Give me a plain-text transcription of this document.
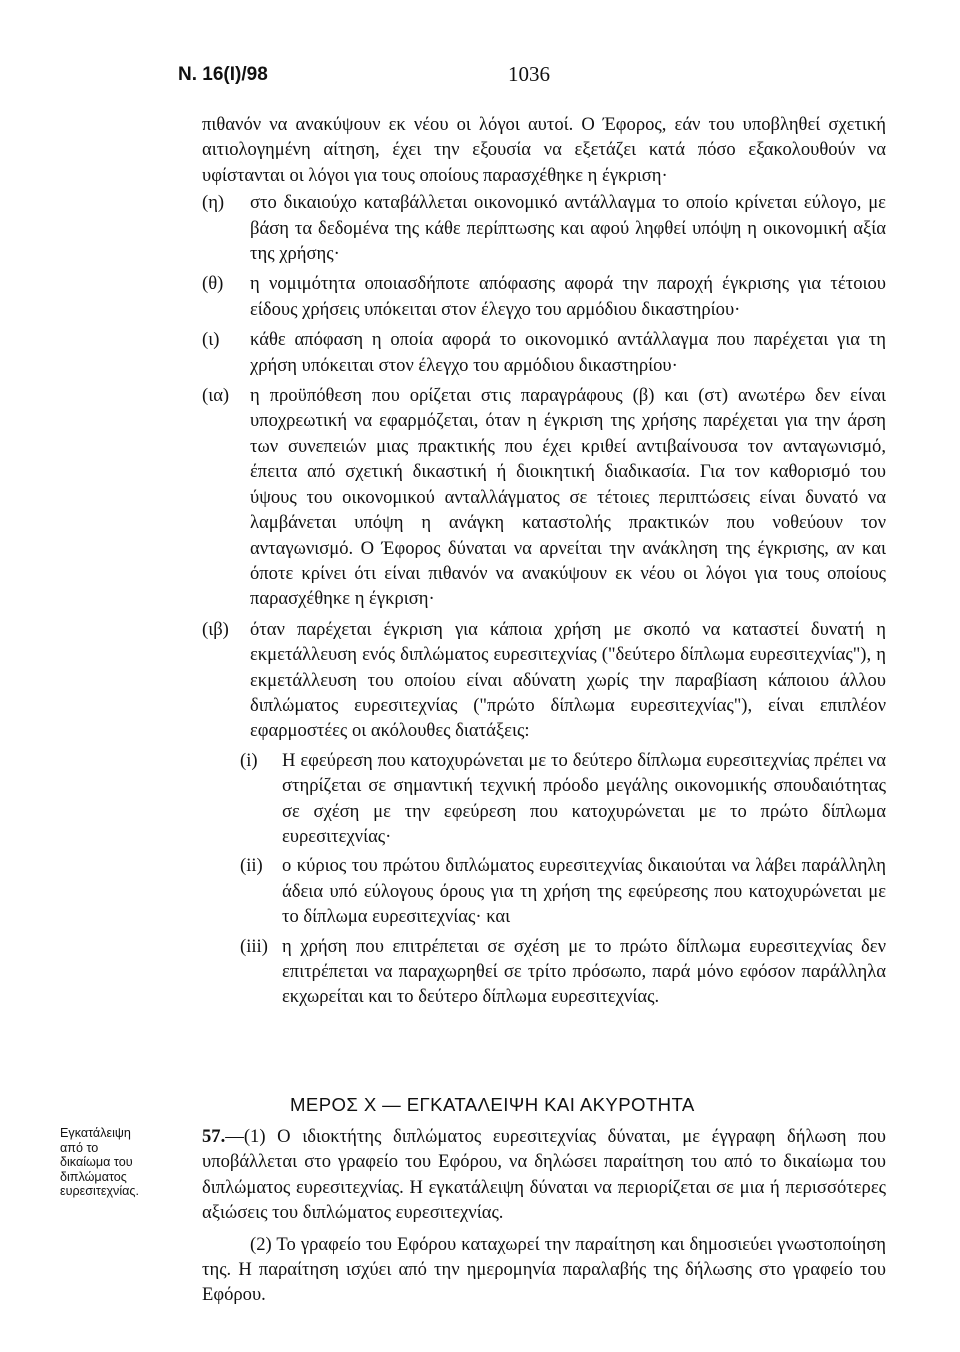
Ν. 16(Ι)/98	1036

πιθανόν να ανακύψουν εκ νέου οι λόγοι αυτοί. Ο Έφορος, εάν του υποβληθεί σχετική αιτιολογημένη αίτηση, έχει την εξουσία να εξετάζει κατά πόσο εξακολουθούν να υφίστανται οι λόγοι για τους οποίους παρασχέθηκε η έγκριση·

(η) στο δικαιούχο καταβάλλεται οικονομικό αντάλλαγμα το οποίο κρίνεται εύλογο, με βάση τα δεδομένα της κάθε περίπτωσης και αφού ληφθεί υπόψη η οικονομική αξία της χρήσης·
(θ) η νομιμότητα οποιασδήποτε απόφασης αφορά την παροχή έγκρισης για τέτοιου είδους χρήσεις υπόκειται στον έλεγχο του αρμόδιου δικαστηρίου·
(ι) κάθε απόφαση η οποία αφορά το οικονομικό αντάλλαγμα που παρέχεται για τη χρήση υπόκειται στον έλεγχο του αρμόδιου δικαστηρίου·
(ια) η προϋπόθεση που ορίζεται στις παραγράφους (β) και (στ) ανωτέρω δεν είναι υποχρεωτική να εφαρμόζεται, όταν η έγκριση της χρήσης παρέχεται για την άρση των συνεπειών μιας πρακτικής που έχει κριθεί αντιβαίνουσα τον ανταγωνισμό, έπειτα από σχετική δικαστική ή διοικητική διαδικασία. Για τον καθορισμό του ύψους του οικονομικού ανταλλάγματος σε τέτοιες περιπτώσεις είναι δυνατό να λαμβάνεται υπόψη η ανάγκη καταστολής πρακτικών που νοθεύουν τον ανταγωνισμό. Ο Έφορος δύναται να αρνείται την ανάκληση της έγκρισης, αν και όποτε κρίνει ότι είναι πιθανόν να ανακύψουν εκ νέου οι λόγοι για τους οποίους παρασχέθηκε η έγκριση·
(ιβ) όταν παρέχεται έγκριση για κάποια χρήση με σκοπό να καταστεί δυνατή η εκμετάλλευση ενός διπλώματος ευρεσιτεχνίας ("δεύτερο δίπλωμα ευρεσιτεχνίας"), η εκμετάλλευση του οποίου είναι αδύνατη χωρίς την παραβίαση κάποιου άλλου διπλώματος ευρεσιτεχνίας ("πρώτο δίπλωμα ευρεσιτεχνίας"), είναι επιπλέον εφαρμοστέες οι ακόλουθες διατάξεις:
(i) Η εφεύρεση που κατοχυρώνεται με το δεύτερο δίπλωμα ευρεσιτεχνίας πρέπει να στηρίζεται σε σημαντική τεχνική πρόοδο μεγάλης οικονομικής σπουδαιότητας σε σχέση με την εφεύρεση που κατοχυρώνεται με το πρώτο δίπλωμα ευρεσιτεχνίας·
(ii) ο κύριος του πρώτου διπλώματος ευρεσιτεχνίας δικαιούται να λάβει παράλληλη άδεια υπό εύλογους όρους για τη χρήση της εφεύρεσης που κατοχυρώνεται με το δίπλωμα ευρεσιτεχνίας· και
(iii) η χρήση που επιτρέπεται σε σχέση με το πρώτο δίπλωμα ευρεσιτεχνίας δεν επιτρέπεται να παραχωρηθεί σε τρίτο πρόσωπο, παρά μόνο εφόσον παράλληλα εκχωρείται και το δεύτερο δίπλωμα ευρεσιτεχνίας.
ΜΕΡΟΣ Χ — ΕΓΚΑΤΑΛΕΙΨΗ ΚΑΙ ΑΚΥΡΟΤΗΤΑ
Εγκατάλειψη
από το
δικαίωμα του
διπλώματος
ευρεσιτεχνίας.

57.—(1) Ο ιδιοκτήτης διπλώματος ευρεσιτεχνίας δύναται, με έγγραφη δήλωση που υποβάλλεται στο γραφείο του Εφόρου, να δηλώσει παραίτηση του από το δικαίωμα του διπλώματος ευρεσιτεχνίας. Η εγκατάλειψη δύναται να περιορίζεται σε μια ή περισσότερες αξιώσεις του διπλώματος ευρεσιτεχνίας.

(2) Το γραφείο του Εφόρου καταχωρεί την παραίτηση και δημοσιεύει γνωστοποίηση της. Η παραίτηση ισχύει από την ημερομηνία παραλαβής της δήλωσης στο γραφείο του Εφόρου.
